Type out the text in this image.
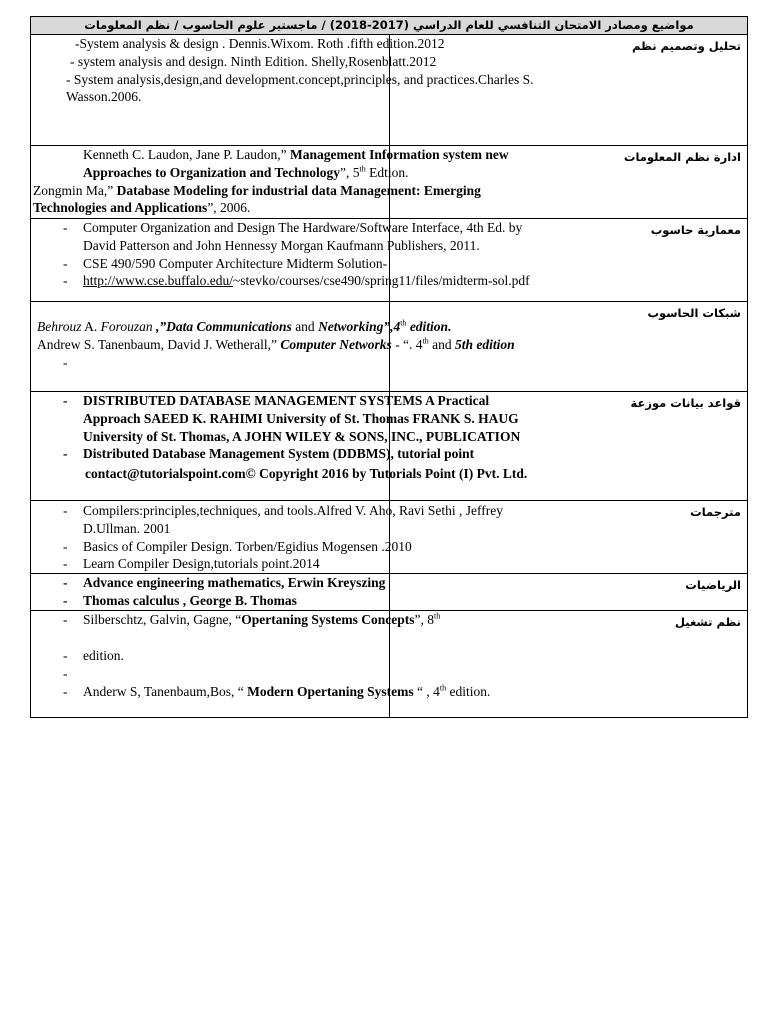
مواضيع ومصادر الامتحان التنافسي للعام الدراسي (2017-2018) / ماجستير علوم الحاسوب / نظم المعلومات	

-System analysis & design . Dennis.Wixom. Roth .fifth edition.2012
- system analysis and design. Ninth Edition. Shelly,Rosenblatt.2012
- System analysis,design,and development.concept,principles, and practices.Charles S.
Wasson.2006.	تحليل وتصميم نظم

Kenneth C. Laudon, Jane P. Laudon,” Management Information system new
Approaches to Organization and Technology”, 5th Edtion.
Zongmin Ma,” Database Modeling for industrial data Management: Emerging
Technologies and Applications”, 2006.	ادارة نظم المعلومات

- Computer Organization and Design The Hardware/Software Interface, 4th Ed. by
David Patterson and John Hennessy Morgan Kaufmann Publishers, 2011.
- CSE 490/590 Computer Architecture Midterm Solution-
- http://www.cse.buffalo.edu/~stevko/courses/cse490/spring11/files/midterm-sol.pdf	معمارية حاسوب

Behrouz A. Forouzan ,”Data Communications and Networking”,4th edition.
Andrew S. Tanenbaum, David J. Wetherall,” Computer Networks - “. 4th and 5th edition
-	شبكات الحاسوب

- DISTRIBUTED DATABASE MANAGEMENT SYSTEMS A Practical
Approach SAEED K. RAHIMI University of St. Thomas FRANK S. HAUG
University of St. Thomas, A JOHN WILEY & SONS, INC., PUBLICATION
- Distributed Database Management System (DDBMS), tutorial point
contact@tutorialspoint.com© Copyright 2016 by Tutorials Point (I) Pvt. Ltd.	قواعد بيانات موزعة

- Compilers:principles,techniques, and tools.Alfred V. Aho, Ravi Sethi , Jeffrey
D.Ullman. 2001
- Basics of Compiler Design. Torben/Egidius Mogensen .2010
- Learn Compiler Design,tutorials point.2014	مترجمات

- Advance engineering mathematics, Erwin Kreyszing
- Thomas calculus , George B. Thomas	الرياضيات

- Silberschtz, Galvin, Gagne, “Opertaning Systems Concepts”, 8th
- edition.
-
- Anderw S, Tanenbaum,Bos, “ Modern Opertaning Systems “ , 4th edition.	نظم تشغيل
